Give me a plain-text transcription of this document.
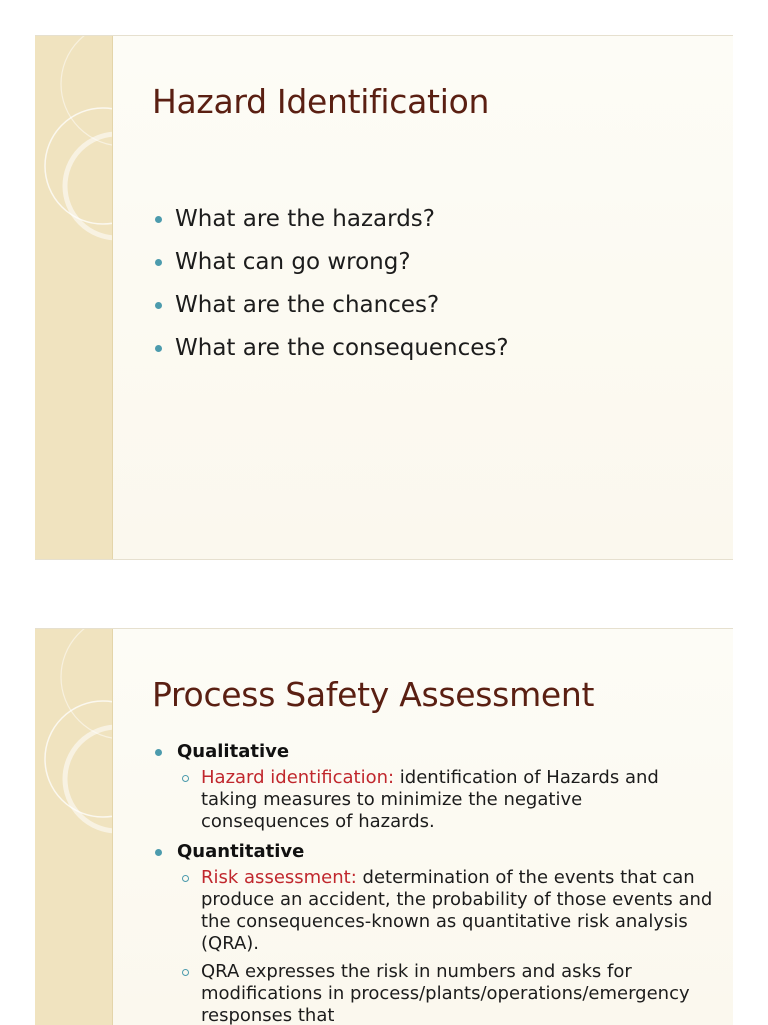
Hazard Identification
What are the hazards?
What can go wrong?
What are the chances?
What are the consequences?
Process Safety Assessment
Qualitative
Hazard identification: identification of Hazards and taking measures to minimize the negative consequences of hazards.
Quantitative
Risk assessment: determination of the events that can produce an accident, the probability of those events and the consequences-known as quantitative risk analysis (QRA).
QRA expresses the risk in numbers and asks for modifications in process/plants/operations/emergency responses that
